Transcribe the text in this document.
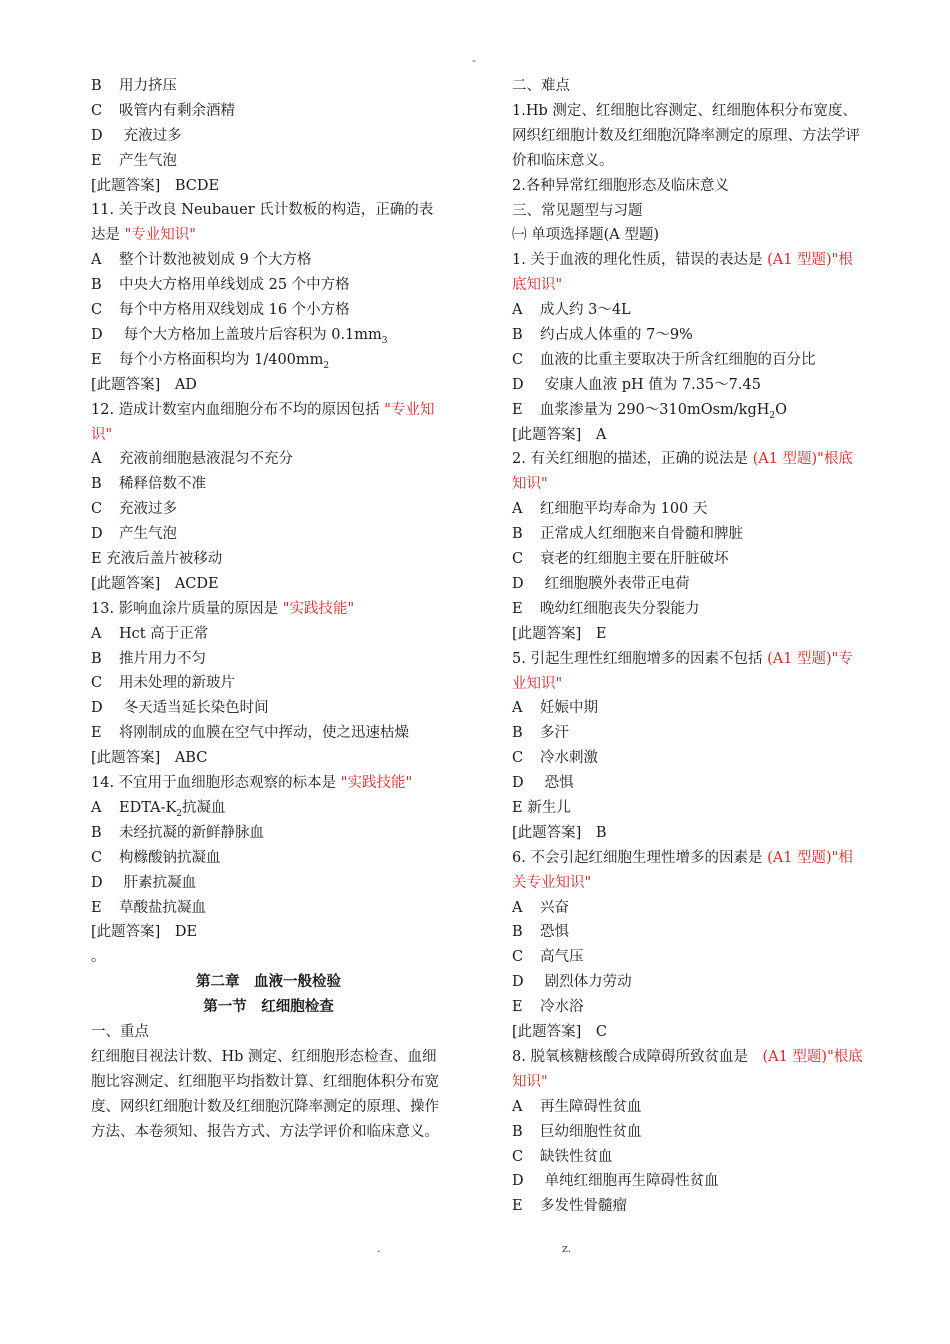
-
B 用力挤压
C 吸管内有剩余酒精
D 充液过多
E 产生气泡
[此题答案]　BCDE
11. 关于改良 Neubauer 氏计数板的构造，正确的表达是 "专业知识"
A 整个计数池被划成 9 个大方格
B 中央大方格用单线划成 25 个中方格
C 每个中方格用双线划成 16 个小方格
D 每个大方格加上盖玻片后容积为 $0.1mm_3$
E 每个小方格面积均为 $1/400mm_2$
[此题答案]　AD
12. 造成计数室内血细胞分布不均的原因包括 "专业知识"
A 充液前细胞悬液混匀不充分
B 稀释倍数不准
C 充液过多
D 产生气泡
E 充液后盖片被移动
[此题答案]　ACDE
13. 影响血涂片质量的原因是 "实践技能"
A Hct 高于正常
B 推片用力不匀
C 用未处理的新玻片
D 冬天适当延长染色时间
E 将刚制成的血膜在空气中挥动，使之迅速枯燥
[此题答案]　ABC
14. 不宜用于血细胞形态观察的标本是 "实践技能"
A EDTA-$K_2$抗凝血
B 未经抗凝的新鲜静脉血
C 枸橼酸钠抗凝血
D 肝素抗凝血
E 草酸盐抗凝血
[此题答案]　DE
。
第二章　血液一般检验
第一节　红细胞检查
一、重点
红细胞目视法计数、Hb 测定、红细胞形态检查、血细胞比容测定、红细胞平均指数计算、红细胞体积分布宽度、网织红细胞计数及红细胞沉降率测定的原理、操作方法、本卷须知、报告方式、方法学评价和临床意义。
二、难点
1.Hb 测定、红细胞比容测定、红细胞体积分布宽度、网织红细胞计数及红细胞沉降率测定的原理、方法学评价和临床意义。
2.各种异常红细胞形态及临床意义
三、常见题型与习题
㈠ 单项选择题(A 型题)
1. 关于血液的理化性质，错误的表达是 (A1 型题)"根底知识"
A 成人约 3～4L
B 约占成人体重的 7～9%
C 血液的比重主要取决于所含红细胞的百分比
D 安康人血液 pH 值为 7.35～7.45
E 血浆渗量为 290～310mOsm/kgH$_2$O
[此题答案]　A
2. 有关红细胞的描述，正确的说法是 (A1 型题)"根底知识"
A 红细胞平均寿命为 100 天
B 正常成人红细胞来自骨髓和脾脏
C 衰老的红细胞主要在肝脏破坏
D 红细胞膜外表带正电荷
E 晚幼红细胞丧失分裂能力
[此题答案]　E
5. 引起生理性红细胞增多的因素不包括 (A1 型题)"专业知识"
A 妊娠中期
B 多汗
C 冷水刺激
D 恐惧
E 新生儿
[此题答案]　B
6. 不会引起红细胞生理性增多的因素是 (A1 型题)"相关专业知识"
A 兴奋
B 恐惧
C 高气压
D 剧烈体力劳动
E 冷水浴
[此题答案]　C
8. 脱氧核糖核酸合成障碍所致贫血是　(A1 型题)"根底知识"
A 再生障碍性贫血
B 巨幼细胞性贫血
C 缺铁性贫血
D 单纯红细胞再生障碍性贫血
E 多发性骨髓瘤
.	z.
